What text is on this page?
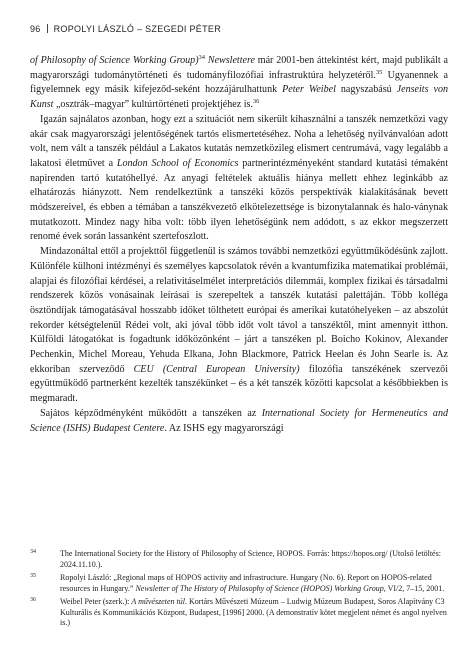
96 ROPOLYI LÁSZLÓ – SZEGEDI PÉTER

of Philosophy of Science Working Group)$^{34}$ Newslettere már 2001-ben áttekintést kért, majd publikált a magyarországi tudománytörténeti és tudományfilozófiai infrastruktúra helyzetéről.$^{35}$ Ugyanennek a figyelemnek egy másik kifejeződ-seként hozzájárulhattunk Peter Weibel nagyszabású Jenseits von Kunst „osztrák–magyar” kultúrtörténeti projektjéhez is.$^{36}$

Igazán sajnálatos azonban, hogy ezt a szituációt nem sikerült kihasználni a tanszék nemzetközi vagy akár csak magyarországi jelentőségének tartós elismertetéséhez. Noha a lehetőség nyilvánvalóan adott volt, nem vált a tanszék például a Lakatos kutatás nemzetközileg elismert centrumává, vagy legalább a lakatosi életművet a London School of Economics partnerintézményeként standard kutatási témaként napirenden tartó kutatóhellyé. Az anyagi feltételek aktuális hiánya mellett ehhez leginkább az elhatározás hiányzott. Nem rendelkeztünk a tanszéki közös perspektívák kialakításának bevett módszereivel, és ebben a témában a tanszékvezető elkötelezettsége is bizonytalannak és halo-ványnak mutatkozott. Mindez nagy hiba volt: több ilyen lehetőségünk nem adódott, s az ekkor megszerzett renomé évek során lassanként szertefoszlott.

Mindazonáltal ettől a projekttől függetlenül is számos további nemzetközi együttműködésünk zajlott. Különféle külhoni intézményi és személyes kapcsolatok révén a kvantumfizika matematikai problémái, alapjai és filozófiai kérdései, a relativitáselmélet interpretációs dilemmái, komplex fizikai és társadalmi rendszerek közös vonásainak leírásai is szerepeltek a tanszék kutatási palettáján. Több kolléga ösztöndíjak támogatásával hosszabb időket tölthetett európai és amerikai kutatóhelyeken – az abszolút rekorder kétségtelenül Rédei volt, aki jóval több időt volt távol a tanszéktől, mint amennyit itthon. Külföldi látogatókat is fogadtunk időközönként – járt a tanszéken pl. Boicho Kokinov, Alexander Pechenkin, Michel Moreau, Yehuda Elkana, John Blackmore, Patrick Heelan és John Searle is. Az ekkoriban szerveződő CEU (Central European University) filozófia tanszékének szervezői együttműködő partnerként kezelték tanszékünket – és a két tanszék közötti kapcsolat a későbbiekben is megmaradt.

Sajátos képződményként működött a tanszéken az International Society for Hermeneutics and Science (ISHS) Budapest Centere. Az ISHS egy magyarországi

34	The International Society for the History of Philosophy of Science, HOPOS. Forrás: https://hopos.org/ (Utolsó letöltés: 2024.11.10.).
35	Ropolyi László: „Regional maps of HOPOS activity and infrastructure. Hungary (No. 6). Report on HOPOS-related resources in Hungary.” Newsletter of The History of Philosophy of Science (HOPOS) Working Group, VI/2, 7–15, 2001.
36	Weibel Peter (szerk.): A művészeten túl. Kortárs Művészeti Múzeum – Ludwig Múzeum Budapest, Soros Alapítvány C3 Kulturális és Kommunikációs Központ, Budapest, [1996] 2000. (A demonstratív kötet megjelent német és angol nyelven is.)
